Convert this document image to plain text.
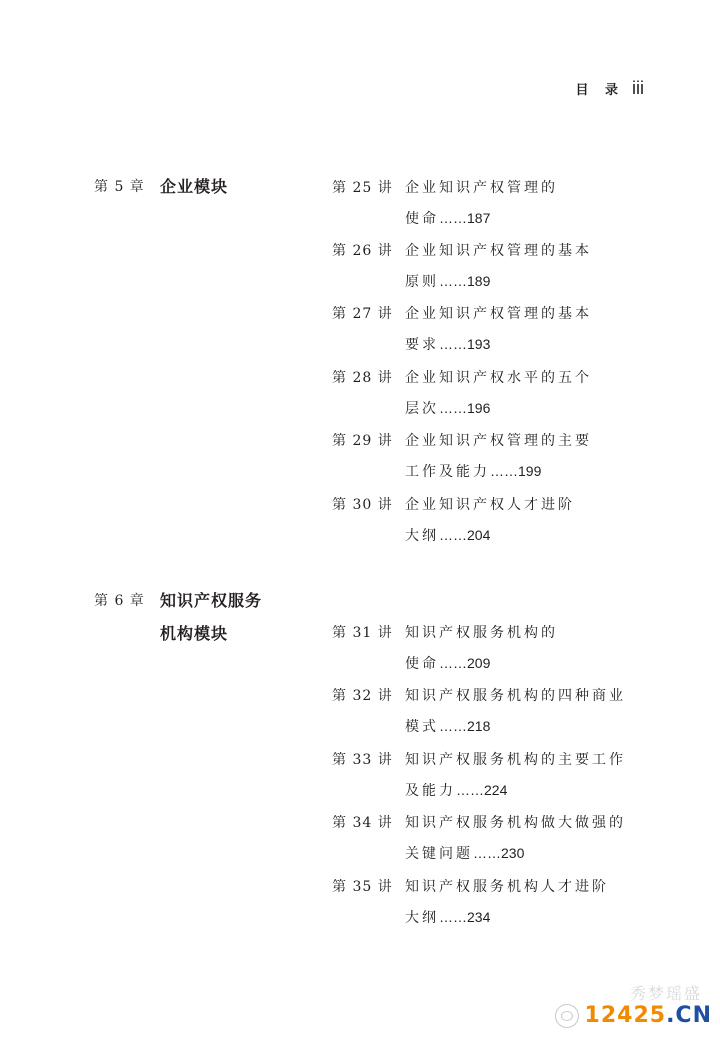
目 录 iii
第 5 章 企业模块	第 25 讲 企业知识产权管理的
使命……187
第 26 讲 企业知识产权管理的基本
原则……189
第 27 讲 企业知识产权管理的基本
要求……193
第 28 讲 企业知识产权水平的五个
层次……196
第 29 讲 企业知识产权管理的主要
工作及能力……199
第 30 讲 企业知识产权人才进阶
大纲……204
第 6 章 知识产权服务
机构模块	第 31 讲 知识产权服务机构的
使命……209
第 32 讲 知识产权服务机构的四种商业
模式……218
第 33 讲 知识产权服务机构的主要工作
及能力……224
第 34 讲 知识产权服务机构做大做强的
关键问题……230
第 35 讲 知识产权服务机构人才进阶
大纲……234
秀梦瑶盛
12425.CN
